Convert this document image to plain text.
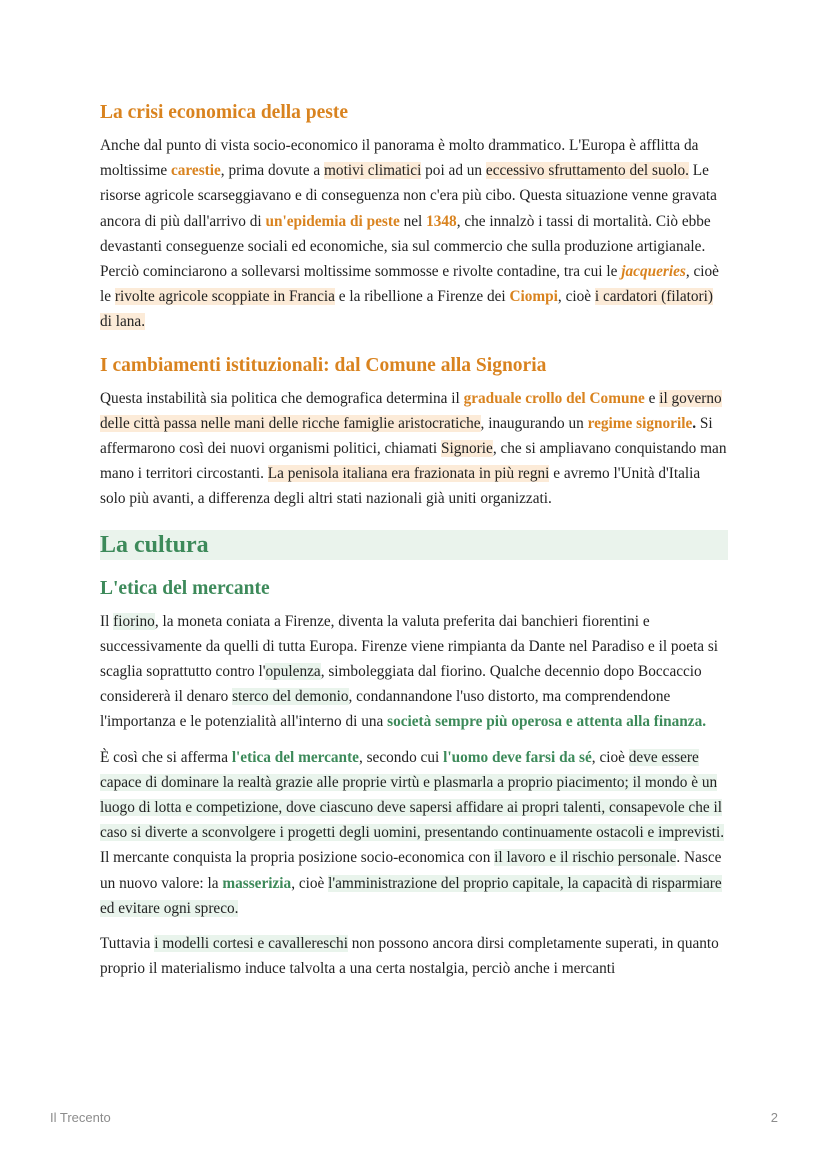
La crisi economica della peste

Anche dal punto di vista socio-economico il panorama è molto drammatico. L'Europa è afflitta da moltissime carestie, prima dovute a motivi climatici poi ad un eccessivo sfruttamento del suolo. Le risorse agricole scarseggiavano e di conseguenza non c'era più cibo. Questa situazione venne gravata ancora di più dall'arrivo di un'epidemia di peste nel 1348, che innalzò i tassi di mortalità. Ciò ebbe devastanti conseguenze sociali ed economiche, sia sul commercio che sulla produzione artigianale. Perciò cominciarono a sollevarsi moltissime sommosse e rivolte contadine, tra cui le jacqueries, cioè le rivolte agricole scoppiate in Francia e la ribellione a Firenze dei Ciompi, cioè i cardatori (filatori) di lana.

I cambiamenti istituzionali: dal Comune alla Signoria

Questa instabilità sia politica che demografica determina il graduale crollo del Comune e il governo delle città passa nelle mani delle ricche famiglie aristocratiche, inaugurando un regime signorile. Si affermarono così dei nuovi organismi politici, chiamati Signorie, che si ampliavano conquistando man mano i territori circostanti. La penisola italiana era frazionata in più regni e avremo l'Unità d'Italia solo più avanti, a differenza degli altri stati nazionali già uniti organizzati.

La cultura
L'etica del mercante

Il fiorino, la moneta coniata a Firenze, diventa la valuta preferita dai banchieri fiorentini e successivamente da quelli di tutta Europa. Firenze viene rimpianta da Dante nel Paradiso e il poeta si scaglia soprattutto contro l'opulenza, simboleggiata dal fiorino. Qualche decennio dopo Boccaccio considererà il denaro sterco del demonio, condannandone l'uso distorto, ma comprendendone l'importanza e le potenzialità all'interno di una società sempre più operosa e attenta alla finanza.

È così che si afferma l'etica del mercante, secondo cui l'uomo deve farsi da sé, cioè deve essere capace di dominare la realtà grazie alle proprie virtù e plasmarla a proprio piacimento; il mondo è un luogo di lotta e competizione, dove ciascuno deve sapersi affidare ai propri talenti, consapevole che il caso si diverte a sconvolgere i progetti degli uomini, presentando continuamente ostacoli e imprevisti. Il mercante conquista la propria posizione socio-economica con il lavoro e il rischio personale. Nasce un nuovo valore: la masserizia, cioè l'amministrazione del proprio capitale, la capacità di risparmiare ed evitare ogni spreco.

Tuttavia i modelli cortesi e cavallereschi non possono ancora dirsi completamente superati, in quanto proprio il materialismo induce talvolta a una certa nostalgia, perciò anche i mercanti

Il Trecento	2
